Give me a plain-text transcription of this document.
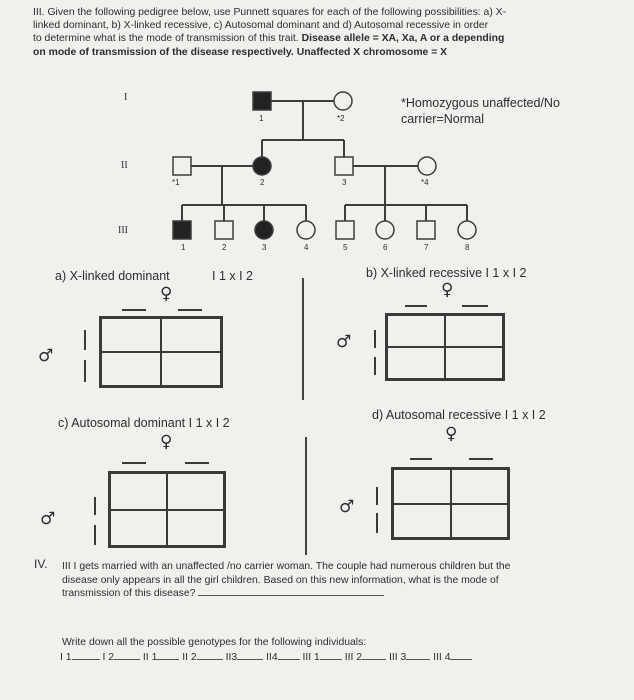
III. Given the following pedigree below, use Punnett squares for each of the following possibilities: a) X-
linked dominant, b) X-linked recessive, c) Autosomal dominant and d) Autosomal recessive in order
to determine what is the mode of transmission of this trait. Disease allele = XA, Xa, A or a depending
on mode of transmission of the disease respectively. Unaffected X chromosome = X
I
II
III
*Homozygous unaffected/No
carrier=Normal
1	*2
*1	2	3	*4
1	2	3	4	5	6	7	8
a) X-linked dominant	I 1 x I 2
♀
♂
b) X-linked recessive I 1 x I 2
♀
♂
c) Autosomal dominant I 1 x I 2
♀
♂
d) Autosomal recessive I 1 x I 2
♀
♂
IV. III I gets married with an unaffected /no carrier woman. The couple had numerous children but the
disease only appears in all the girl children. Based on this new information, what is the mode of
transmission of this disease?
Write down all the possible genotypes for the following individuals:
I 1	I 2	II 1 II 2	II3	II4 III 1 III 2	III 3	III 4
